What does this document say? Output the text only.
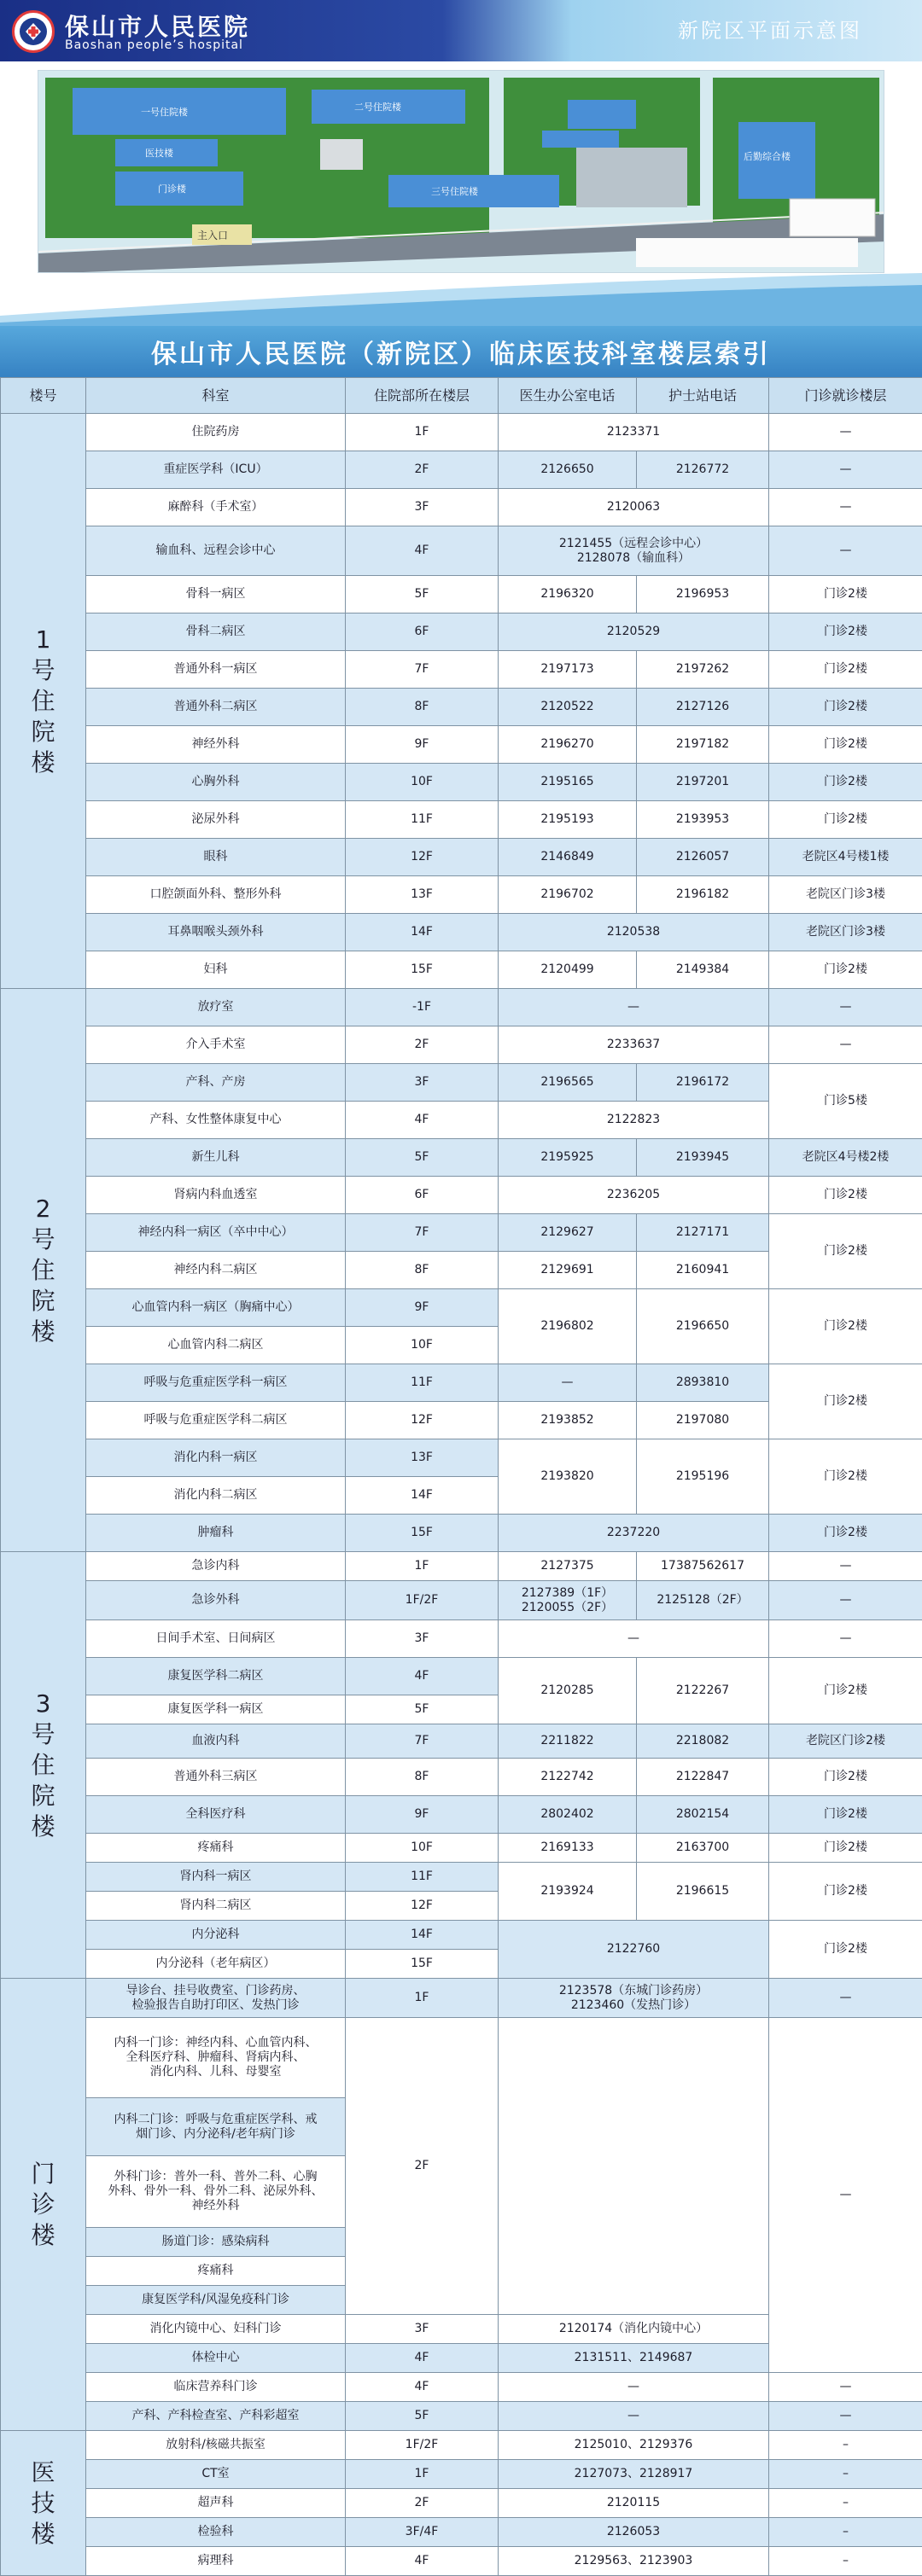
保山市人民医院
Baoshan people’s hospital
新院区平面示意图
一号住院楼	二号住院楼
医技楼
门诊楼	三号住院楼
后勤综合楼
主入口
保山市人民医院（新院区）临床医技科室楼层索引
楼号	科室	住院部所在楼层	医生办公室电话	护士站电话	门诊就诊楼层
1
号
住
院
楼	住院药房	1F	2123371		—
	重症医学科（ICU）	2F	2126650	2126772	—
	麻醉科（手术室）	3F	2120063		—
	输血科、远程会诊中心	4F	2121455（远程会诊中心）
2128078（输血科）		—
	骨科一病区	5F	2196320	2196953	门诊2楼
	骨科二病区	6F	2120529		门诊2楼
	普通外科一病区	7F	2197173	2197262	门诊2楼
	普通外科二病区	8F	2120522	2127126	门诊2楼
	神经外科	9F	2196270	2197182	门诊2楼
	心胸外科	10F	2195165	2197201	门诊2楼
	泌尿外科	11F	2195193	2193953	门诊2楼
	眼科	12F	2146849	2126057	老院区4号楼1楼
	口腔颌面外科、整形外科	13F	2196702	2196182	老院区门诊3楼
	耳鼻咽喉头颈外科	14F	2120538		老院区门诊3楼
	妇科	15F	2120499	2149384	门诊2楼
2
号
住
院
楼	放疗室	-1F	—		—
	介入手术室	2F	2233637		—
	产科、产房	3F	2196565	2196172	门诊5楼
	产科、女性整体康复中心	4F	2122823		
	新生儿科	5F	2195925	2193945	老院区4号楼2楼
	肾病内科血透室	6F	2236205		门诊2楼
	神经内科一病区（卒中中心）	7F	2129627	2127171	门诊2楼
	神经内科二病区	8F	2129691	2160941	
	心血管内科一病区（胸痛中心）	9F	2196802	2196650	门诊2楼
	心血管内科二病区	10F			
	呼吸与危重症医学科一病区	11F	—	2893810	门诊2楼
	呼吸与危重症医学科二病区	12F	2193852	2197080	
	消化内科一病区	13F	2193820	2195196	门诊2楼
	消化内科二病区	14F			
	肿瘤科	15F	2237220		门诊2楼
3
号
住
院
楼	急诊内科	1F	2127375	17387562617	—
	急诊外科	1F/2F	2127389（1F）
2120055（2F）	2125128（2F）	—
	日间手术室、日间病区	3F	—		—
	康复医学科二病区	4F	2120285	2122267	门诊2楼
	康复医学科一病区	5F			
	血液内科	7F	2211822	2218082	老院区门诊2楼
	普通外科三病区	8F	2122742	2122847	门诊2楼
	全科医疗科	9F	2802402	2802154	门诊2楼
	疼痛科	10F	2169133	2163700	门诊2楼
	肾内科一病区	11F	2193924	2196615	门诊2楼
	肾内科二病区	12F			
	内分泌科	14F	2122760		门诊2楼
	内分泌科（老年病区）	15F			
门
诊
楼	导诊台、挂号收费室、门诊药房、
检验报告自助打印区、发热门诊	1F	2123578（东城门诊药房）
2123460（发热门诊）		—
	内科一门诊：神经内科、心血管内科、
全科医疗科、肿瘤科、肾病内科、
消化内科、儿科、母婴室	2F			—
	内科二门诊：呼吸与危重症医学科、戒
烟门诊、内分泌科/老年病门诊				
	外科门诊：普外一科、普外二科、心胸
外科、骨外一科、骨外二科、泌尿外科、
神经外科				
	肠道门诊：感染病科				
	疼痛科				
	康复医学科/风湿免疫科门诊				
	消化内镜中心、妇科门诊	3F	2120174（消化内镜中心）		
	体检中心	4F	2131511、2149687		
	临床营养科门诊	4F	—		—
	产科、产科检查室、产科彩超室	5F	—		—
医
技
楼	放射科/核磁共振室	1F/2F	2125010、2129376		–
	CT室	1F	2127073、2128917		–
	超声科	2F	2120115		–
	检验科	3F/4F	2126053		–
	病理科	4F	2129563、2123903		–
